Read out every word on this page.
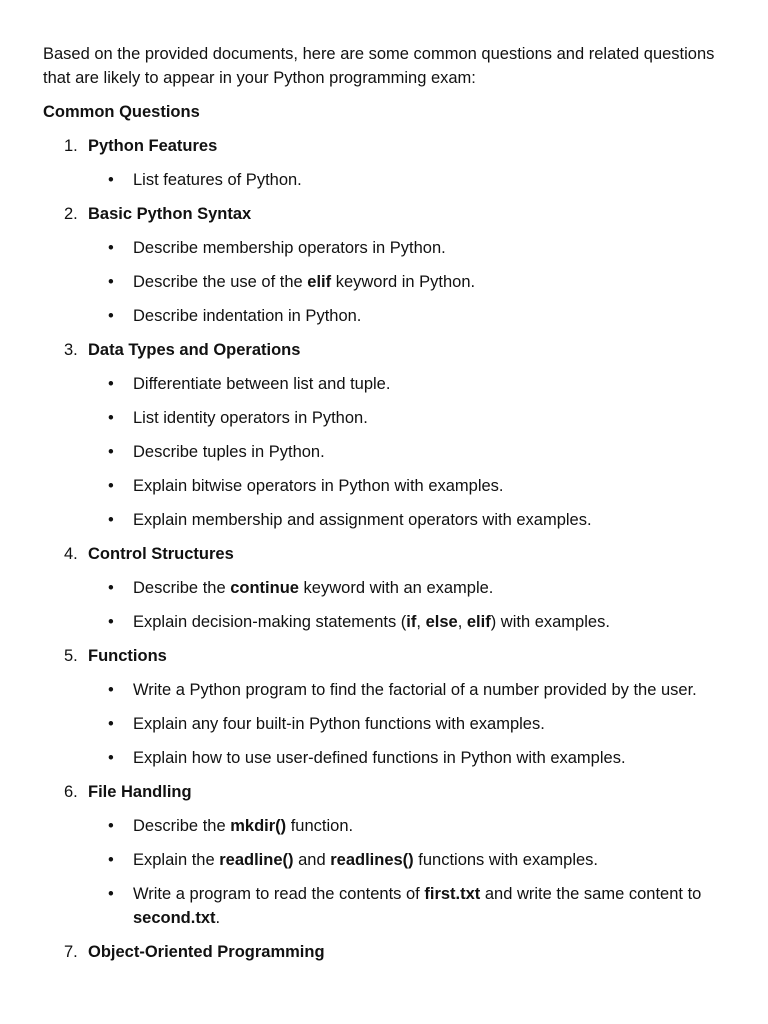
Based on the provided documents, here are some common questions and related questions that are likely to appear in your Python programming exam:

Common Questions

1. Python Features
• List features of Python.
2. Basic Python Syntax
• Describe membership operators in Python.
• Describe the use of the elif keyword in Python.
• Describe indentation in Python.
3. Data Types and Operations
• Differentiate between list and tuple.
• List identity operators in Python.
• Describe tuples in Python.
• Explain bitwise operators in Python with examples.
• Explain membership and assignment operators with examples.
4. Control Structures
• Describe the continue keyword with an example.
• Explain decision-making statements (if, else, elif) with examples.
5. Functions
• Write a Python program to find the factorial of a number provided by the user.
• Explain any four built-in Python functions with examples.
• Explain how to use user-defined functions in Python with examples.
6. File Handling
• Describe the mkdir() function.
• Explain the readline() and readlines() functions with examples.
• Write a program to read the contents of first.txt and write the same content to second.txt.
7. Object-Oriented Programming
